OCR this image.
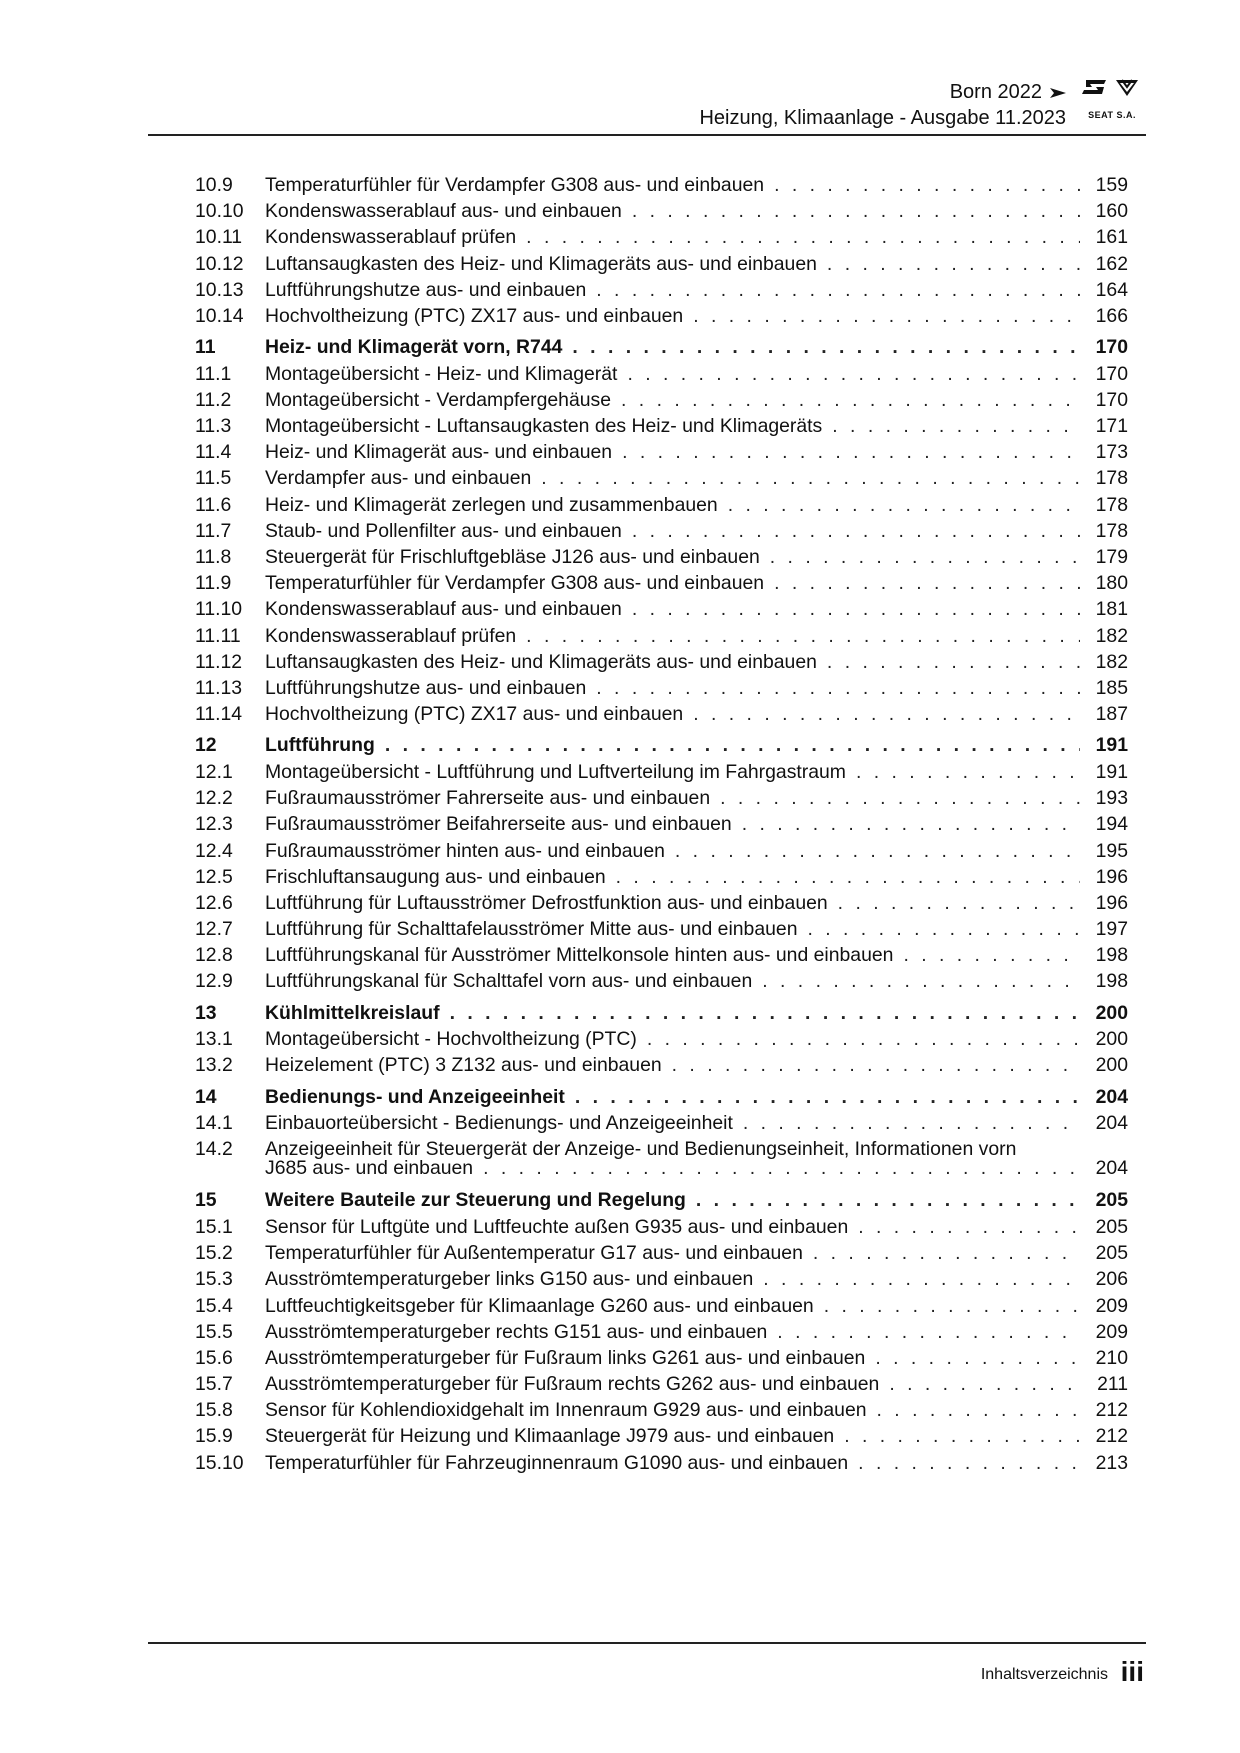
Born 2022
Heizung, Klimaanlage - Ausgabe 11.2023 SEAT S.A.
10.9	Temperaturfühler für Verdampfer G308 aus- und einbauen . . .	159
10.10	Kondenswasserablauf aus- und einbauen . . .	160
10.11	Kondenswasserablauf prüfen . . .	161
10.12	Luftansaugkasten des Heiz- und Klimageräts aus- und einbauen . . .	162
10.13	Luftführungshutze aus- und einbauen . . .	164
10.14	Hochvoltheizung (PTC) ZX17 aus- und einbauen . . .	166
11	Heiz- und Klimagerät vorn, R744 . . .	170
11.1	Montageübersicht - Heiz- und Klimagerät . . .	170
11.2	Montageübersicht - Verdampfergehäuse . . .	170
11.3	Montageübersicht - Luftansaugkasten des Heiz- und Klimageräts . . .	171
11.4	Heiz- und Klimagerät aus- und einbauen . . .	173
11.5	Verdampfer aus- und einbauen . . .	178
11.6	Heiz- und Klimagerät zerlegen und zusammenbauen . . .	178
11.7	Staub- und Pollenfilter aus- und einbauen . . .	178
11.8	Steuergerät für Frischluftgebläse J126 aus- und einbauen . . .	179
11.9	Temperaturfühler für Verdampfer G308 aus- und einbauen . . .	180
11.10	Kondenswasserablauf aus- und einbauen . . .	181
11.11	Kondenswasserablauf prüfen . . .	182
11.12	Luftansaugkasten des Heiz- und Klimageräts aus- und einbauen . . .	182
11.13	Luftführungshutze aus- und einbauen . . .	185
11.14	Hochvoltheizung (PTC) ZX17 aus- und einbauen . . .	187
12	Luftführung . . .	191
12.1	Montageübersicht - Luftführung und Luftverteilung im Fahrgastraum . . .	191
12.2	Fußraumausströmer Fahrerseite aus- und einbauen . . .	193
12.3	Fußraumausströmer Beifahrerseite aus- und einbauen . . .	194
12.4	Fußraumausströmer hinten aus- und einbauen . . .	195
12.5	Frischluftansaugung aus- und einbauen . . .	196
12.6	Luftführung für Luftausströmer Defrostfunktion aus- und einbauen . . .	196
12.7	Luftführung für Schalttafelausströmer Mitte aus- und einbauen . . .	197
12.8	Luftführungskanal für Ausströmer Mittelkonsole hinten aus- und einbauen . . .	198
12.9	Luftführungskanal für Schalttafel vorn aus- und einbauen . . .	198
13	Kühlmittelkreislauf . . .	200
13.1	Montageübersicht - Hochvoltheizung (PTC) . . .	200
13.2	Heizelement (PTC) 3 Z132 aus- und einbauen . . .	200
14	Bedienungs- und Anzeigeeinheit . . .	204
14.1	Einbauorteübersicht - Bedienungs- und Anzeigeeinheit . . .	204
14.2	Anzeigeeinheit für Steuergerät der Anzeige- und Bedienungseinheit, Informationen vorn
J685 aus- und einbauen . . .	204
15	Weitere Bauteile zur Steuerung und Regelung . . .	205
15.1	Sensor für Luftgüte und Luftfeuchte außen G935 aus- und einbauen . . .	205
15.2	Temperaturfühler für Außentemperatur G17 aus- und einbauen . . .	205
15.3	Ausströmtemperaturgeber links G150 aus- und einbauen . . .	206
15.4	Luftfeuchtigkeitsgeber für Klimaanlage G260 aus- und einbauen . . .	209
15.5	Ausströmtemperaturgeber rechts G151 aus- und einbauen . . .	209
15.6	Ausströmtemperaturgeber für Fußraum links G261 aus- und einbauen . . .	210
15.7	Ausströmtemperaturgeber für Fußraum rechts G262 aus- und einbauen . . .	211
15.8	Sensor für Kohlendioxidgehalt im Innenraum G929 aus- und einbauen . . .	212
15.9	Steuergerät für Heizung und Klimaanlage J979 aus- und einbauen . . .	212
15.10	Temperaturfühler für Fahrzeuginnenraum G1090 aus- und einbauen . . .	213
Inhaltsverzeichnis iii
